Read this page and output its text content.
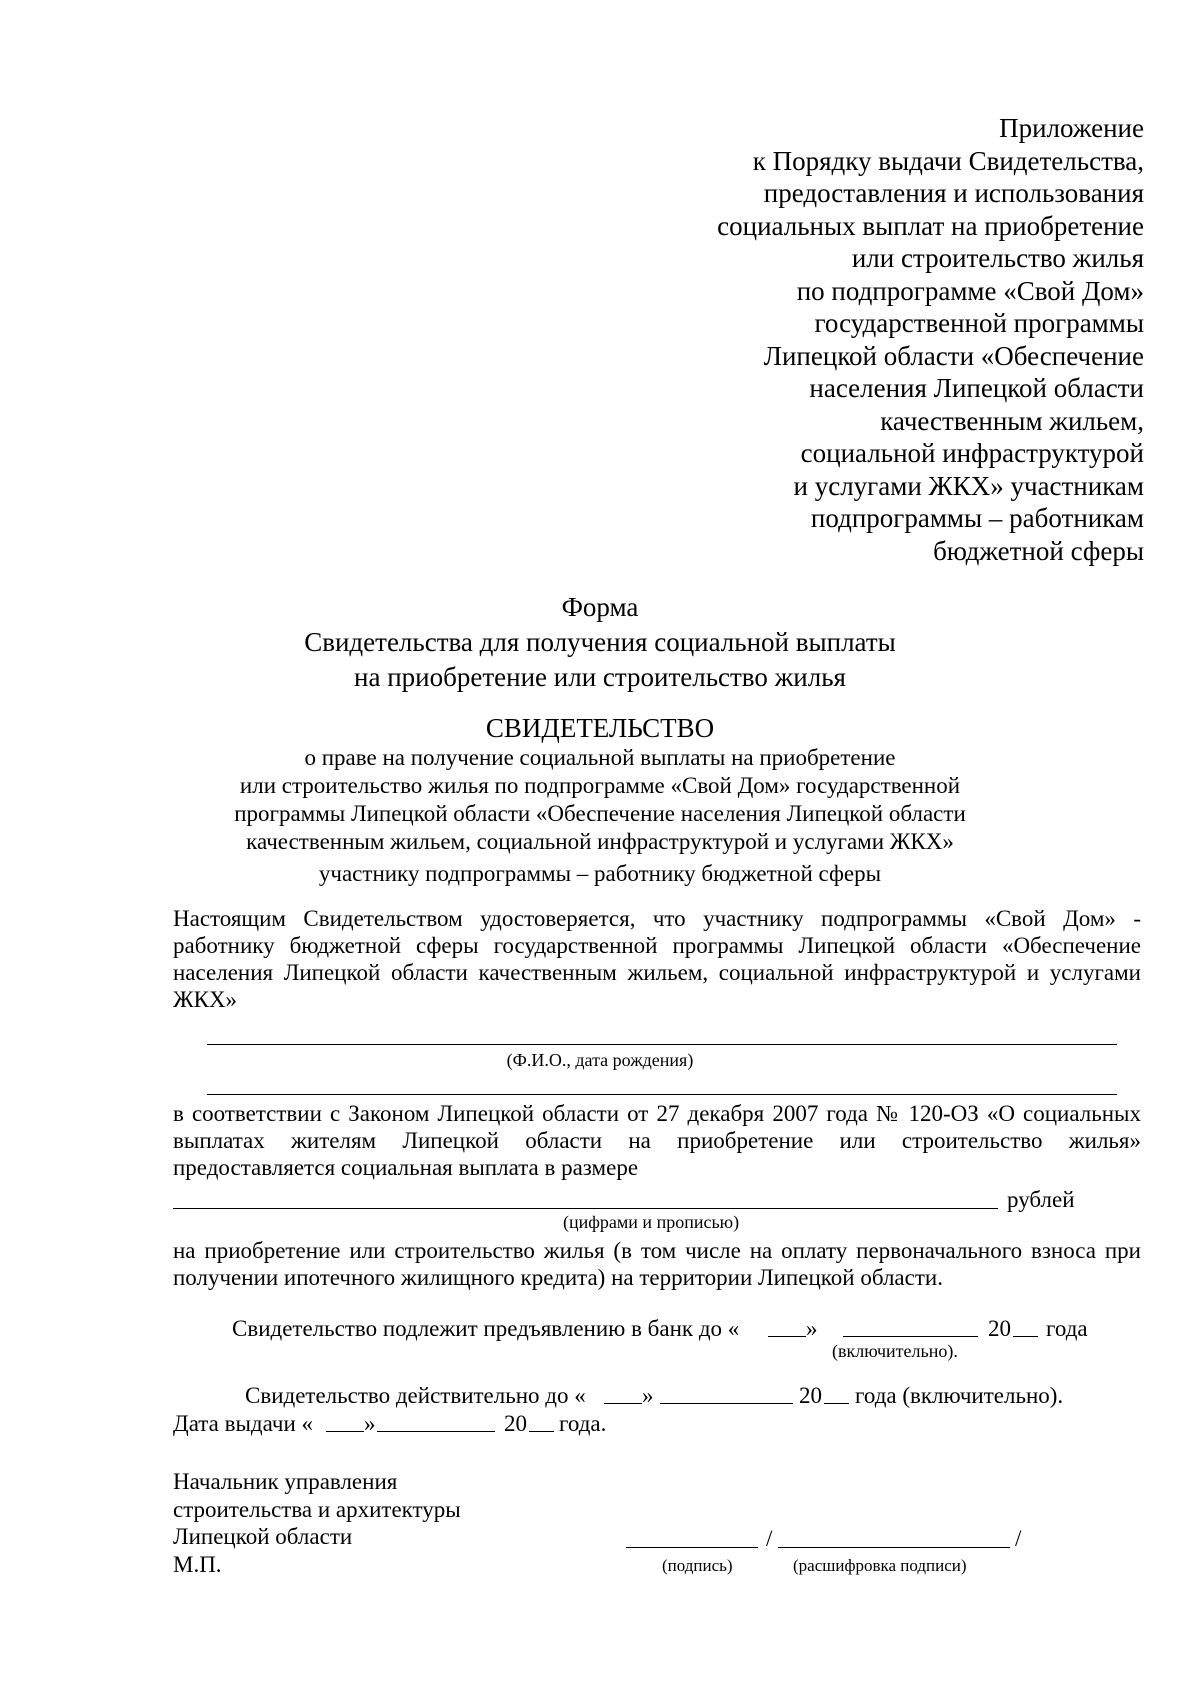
Приложение
к Порядку выдачи Свидетельства,
предоставления и использования
социальных выплат на приобретение
или строительство жилья
по подпрограмме «Свой Дом»
государственной программы
Липецкой области «Обеспечение
населения Липецкой области
качественным жильем,
социальной инфраструктурой
и услугами ЖКХ» участникам
подпрограммы – работникам
бюджетной сферы
Форма
Свидетельства для получения социальной выплаты
на приобретение или строительство жилья
СВИДЕТЕЛЬСТВО
о праве на получение социальной выплаты на приобретение
или строительство жилья по подпрограмме «Свой Дом» государственной
программы Липецкой области «Обеспечение населения Липецкой области
качественным жильем, социальной инфраструктурой и услугами ЖКХ»
участнику подпрограммы – работнику бюджетной сферы
Настоящим Свидетельством удостоверяется, что участнику подпрограммы «Свой Дом» -
работнику бюджетной сферы государственной программы Липецкой области «Обеспечение
населения Липецкой области качественным жильем, социальной инфраструктурой и услугами
ЖКХ»
(Ф.И.О., дата рождения)
в соответствии с Законом Липецкой области от 27 декабря 2007 года № 120-ОЗ «О социальных
выплатах жителям Липецкой области на приобретение или строительство жилья»
предоставляется социальная выплата в размере
рублей
(цифрами и прописью)
на приобретение или строительство жилья (в том числе на оплату первоначального взноса при
получении ипотечного жилищного кредита) на территории Липецкой области.
Свидетельство подлежит предъявлению в банк до «	»	20 года
(включительно).
Свидетельство действительно до « »	20 года (включительно).
Дата выдачи « »	20 года.
Начальник управления
строительства и архитектуры
Липецкой области
М.П.
/	/
(подпись)	(расшифровка подписи)
